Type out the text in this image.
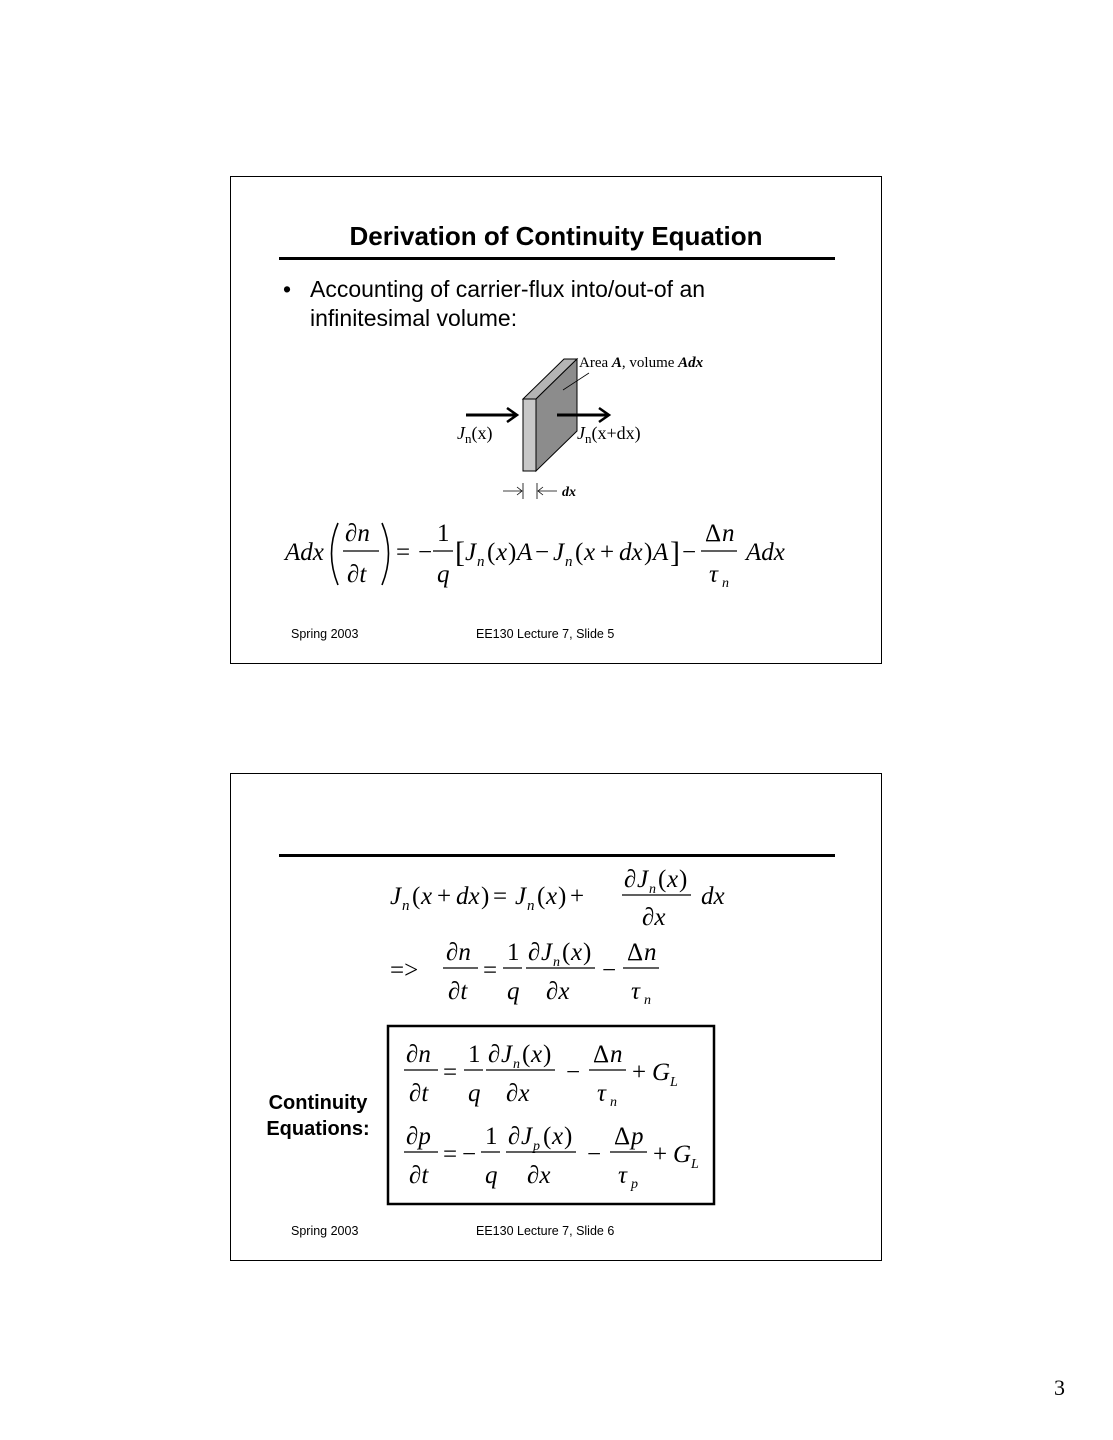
Derivation of Continuity Equation
• Accounting of carrier-flux into/out-of an infinitesimal volume:
Area A, volume Adx
$J_n(x)$	$J_n(x+dx)$
dx
Adx
∂n
∂t
= −
1
q
[ J n ( x ) A − J n ( x + dx ) A ] −
Δ n
τ n
Adx
Spring 2003	EE130 Lecture 7, Slide 5
J n ( x + dx ) = J n ( x ) +
∂ J n ( x )
∂x
dx
=>
∂n
∂t
=
1
q
∂ J n ( x )
∂x
−
Δ n
τ n
Continuity
Equations:
∂n
∂t
=
1
q
∂ J n ( x )
∂x
−
Δ n
τ n
+ G L
∂p
∂t
= −
1
q
∂ J p ( x )
∂x
−
Δ p
τ p
+ G L
Spring 2003	EE130 Lecture 7, Slide 6
3
